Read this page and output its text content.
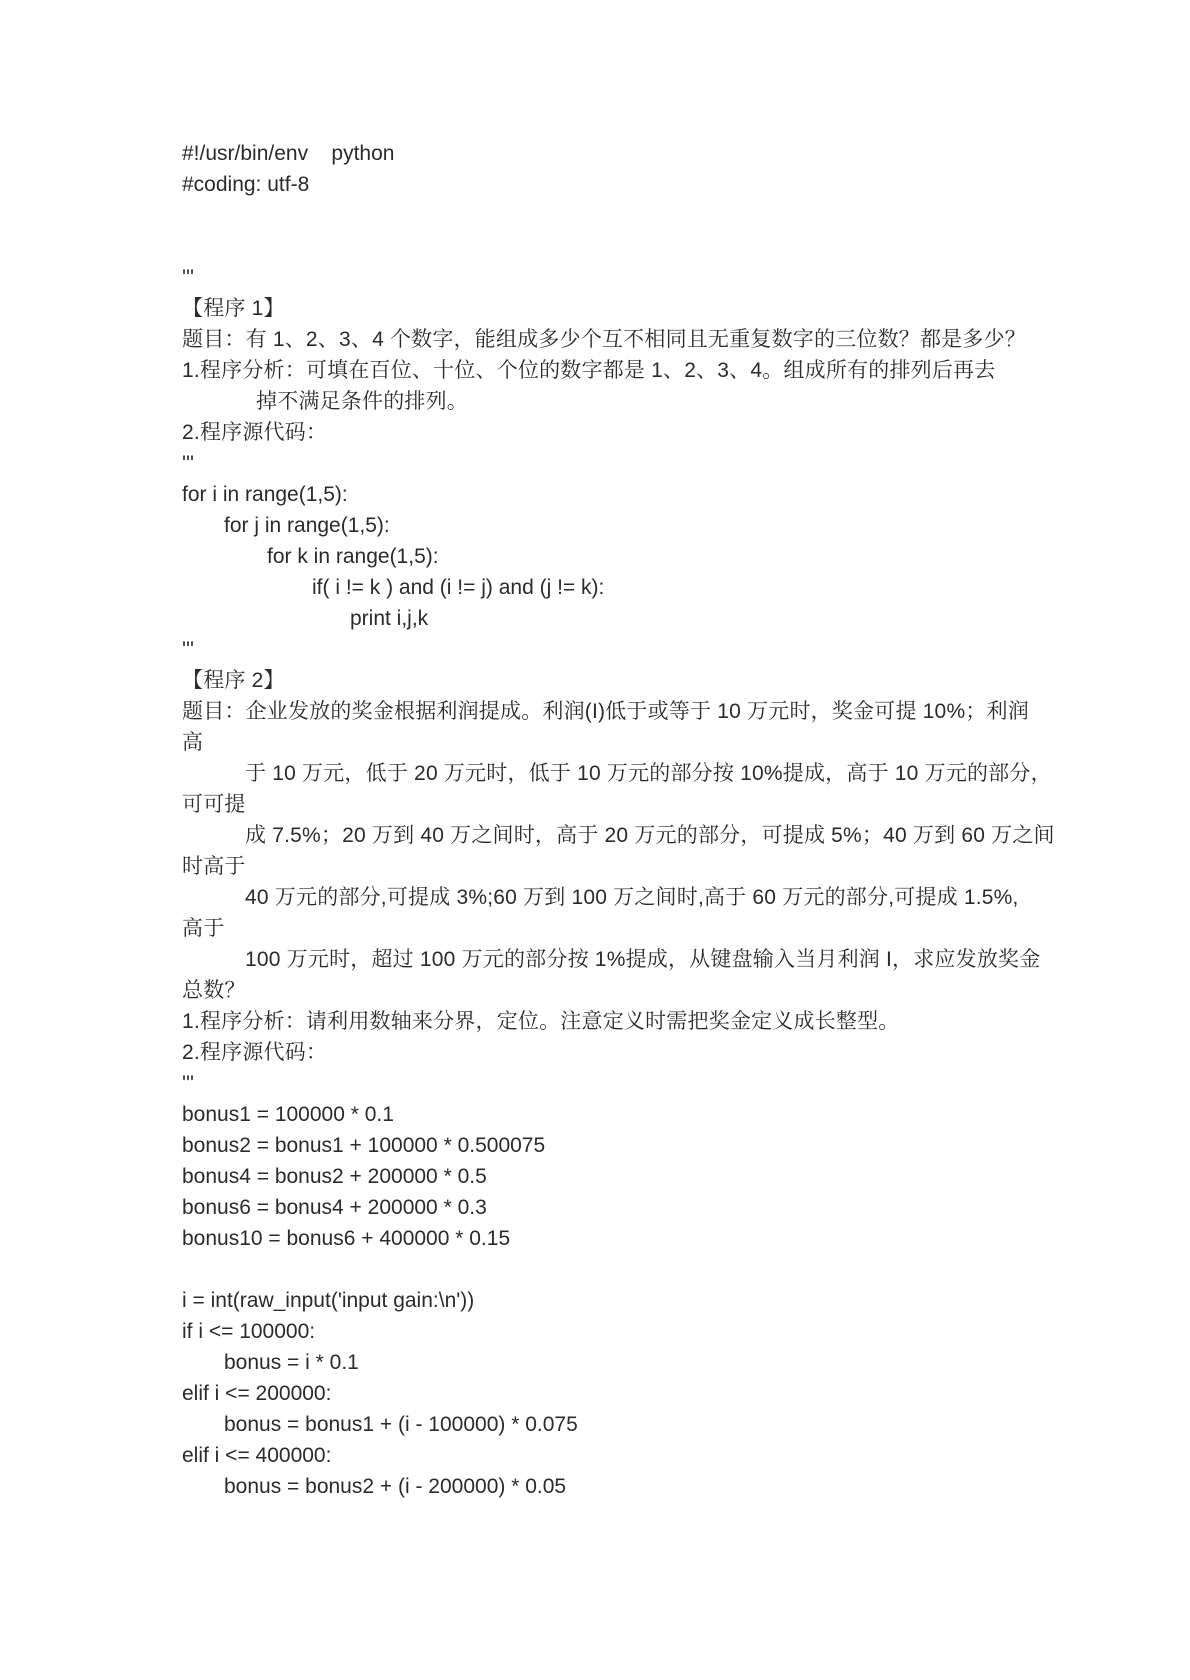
#!/usr/bin/env    python
#coding: utf-8
'''
【程序 1】
题目：有 1、2、3、4 个数字，能组成多少个互不相同且无重复数字的三位数？都是多少？
1.程序分析：可填在百位、十位、个位的数字都是 1、2、3、4。组成所有的排列后再去
掉不满足条件的排列。
2.程序源代码：
'''
for i in range(1,5):
for j in range(1,5):
for k in range(1,5):
if( i != k ) and (i != j) and (j != k):
print i,j,k
'''
【程序 2】
题目：企业发放的奖金根据利润提成。利润(I)低于或等于 10 万元时，奖金可提 10%；利润
高
于 10 万元，低于 20 万元时，低于 10 万元的部分按 10%提成，高于 10 万元的部分，
可可提
成 7.5%；20 万到 40 万之间时，高于 20 万元的部分，可提成 5%；40 万到 60 万之间
时高于
40 万元的部分,可提成 3%;60 万到 100 万之间时,高于 60 万元的部分,可提成 1.5%,
高于
100 万元时，超过 100 万元的部分按 1%提成，从键盘输入当月利润 I，求应发放奖金
总数？
1.程序分析：请利用数轴来分界，定位。注意定义时需把奖金定义成长整型。
2.程序源代码：
'''
bonus1 = 100000 * 0.1
bonus2 = bonus1 + 100000 * 0.500075
bonus4 = bonus2 + 200000 * 0.5
bonus6 = bonus4 + 200000 * 0.3
bonus10 = bonus6 + 400000 * 0.15
i = int(raw_input('input gain:\n'))
if i <= 100000:
bonus = i * 0.1
elif i <= 200000:
bonus = bonus1 + (i - 100000) * 0.075
elif i <= 400000:
bonus = bonus2 + (i - 200000) * 0.05
